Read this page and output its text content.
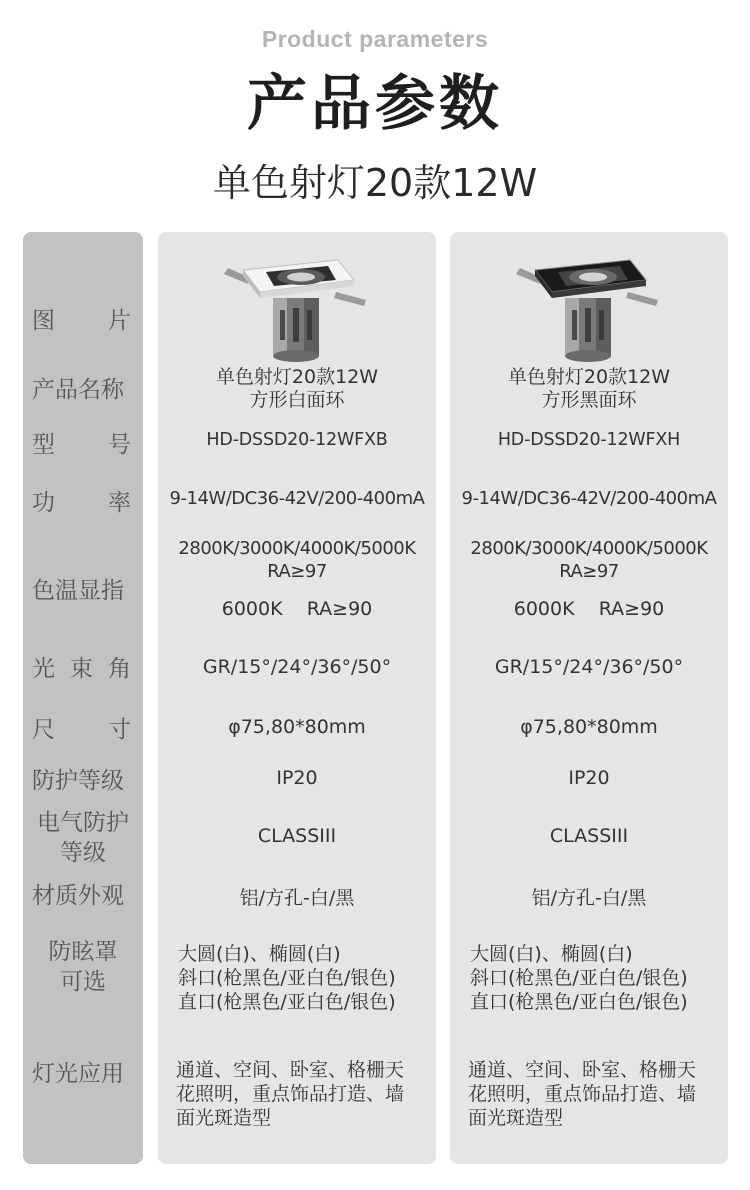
Product parameters
产品参数
单色射灯20款12W
图 片
产品名称
型 号
功 率
色温显指
光 束 角
尺 寸
防护等级
电气防护
等级
材质外观
防眩罩
可选
灯光应用
单色射灯20款12W
方形白面环
HD-DSSD20-12WFXB
9-14W/DC36-42V/200-400mA
2800K/3000K/4000K/5000K
RA≥97
6000K    RA≥90
GR/15°/24°/36°/50°
φ75,80*80mm
IP20
CLASSIII
铝/方孔-白/黑
大圆(白)、椭圆(白)
斜口(枪黑色/亚白色/银色)
直口(枪黑色/亚白色/银色)
通道、空间、卧室、格栅天
花照明，重点饰品打造、墙
面光斑造型
单色射灯20款12W
方形黑面环
HD-DSSD20-12WFXH
9-14W/DC36-42V/200-400mA
2800K/3000K/4000K/5000K
RA≥97
6000K    RA≥90
GR/15°/24°/36°/50°
φ75,80*80mm
IP20
CLASSIII
铝/方孔-白/黑
大圆(白)、椭圆(白)
斜口(枪黑色/亚白色/银色)
直口(枪黑色/亚白色/银色)
通道、空间、卧室、格栅天
花照明，重点饰品打造、墙
面光斑造型
